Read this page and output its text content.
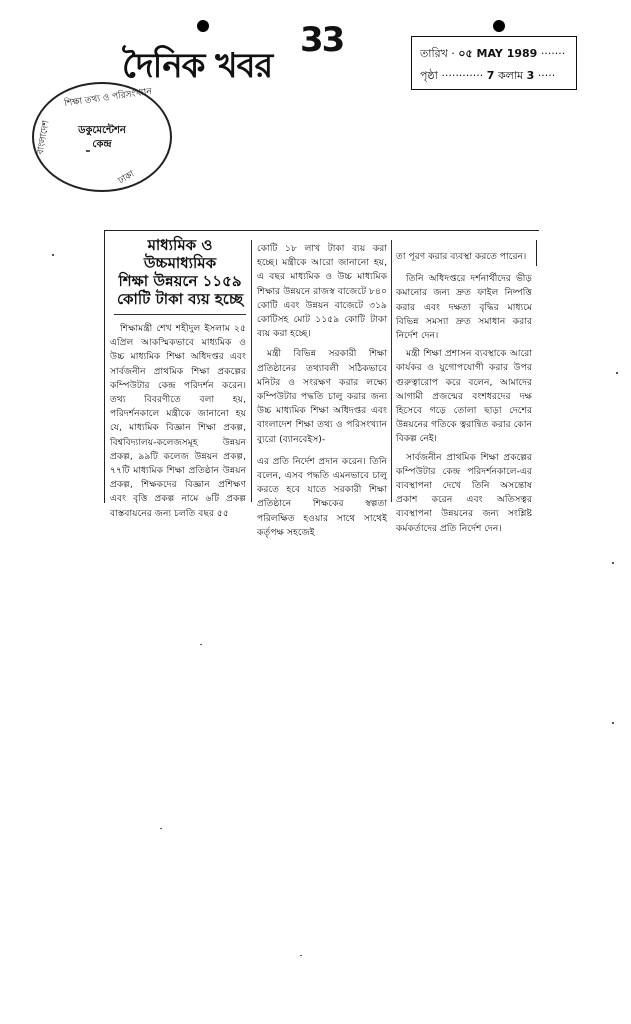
33
দৈনিক খবর	তারিখ · ০৫ MAY 1989 ·······
পৃষ্ঠা ············ 7 কলাম 3 ·····
শিক্ষা তথ্য ও পরিসংখ্যান
বাংলাদেশ
ঢাকা
ডকুমেন্টেশন
কেন্দ্র
মাধ্যমিক ও
উচ্চমাধ্যমিক
শিক্ষা উন্নয়নে ১১৫৯
কোটি টাকা ব্যয় হচ্ছে

শিক্ষামন্ত্রী শেখ শহীদুল ইসলাম ২৫ এপ্রিল আকস্মিকভাবে মাধ্যমিক ও উচ্চ মাধ্যমিক শিক্ষা অধিদপ্তর এবং সার্বজনীন প্রাথমিক শিক্ষা প্রকল্পের কম্পিউটার কেন্দ্র পরিদর্শন করেন। তথ্য বিবরণীতে বলা হয়, পরিদর্শনকালে মন্ত্রীকে জানানো হয় যে, মাধ্যমিক বিজ্ঞান শিক্ষা প্রকল্প, বিশ্ববিদ্যালয়-কলেজসমূহ উন্নয়ন প্রকল্প, ৯৯টি কলেজ উন্নয়ন প্রকল্প, ৭৭টি মাধ্যমিক শিক্ষা প্রতিষ্ঠান উন্নয়ন প্রকল্প, শিক্ষকদের বিজ্ঞান প্রশিক্ষণ এবং বৃত্তি প্রকল্প নামে ৬টি প্রকল্প বাস্তবায়নের জন্য চলতি বছর ৫৫

কোটি ১৮ লাখ টাকা ব্যয় করা হচ্ছে। মন্ত্রীকে আরো জানানো হয়, এ বছর মাধ্যমিক ও উচ্চ মাধ্যমিক শিক্ষার উন্নয়নে রাজস্ব বাজেটে ৮৪০ কোটি এবং উন্নয়ন বাজেটে ৩১৯ কোটিসহ মোট ১১৫৯ কোটি টাকা ব্যয় করা হচ্ছে।

মন্ত্রী বিভিন্ন সরকারী শিক্ষা প্রতিষ্ঠানের তথ্যাবলী সঠিকভাবে মনিটর ও সংরক্ষণ করার লক্ষ্যে কম্পিউটার পদ্ধতি চালু করার জন্য উচ্চ মাধ্যমিক শিক্ষা অধিদপ্তর এবং বাংলাদেশ শিক্ষা তথ্য ও পরিসংখ্যান ব্যুরো (ব্যানবেইস)-

এর প্রতি নির্দেশ প্রদান করেন। তিনি বলেন, এসব পদ্ধতি এমনভাবে চালু করতে হবে যাতে সরকারী শিক্ষা প্রতিষ্ঠানে শিক্ষকের স্বল্পতা পরিলক্ষিত হওয়ার সাথে সাথেই কর্তৃপক্ষ সহজেই

তা পূরণ করার ব্যবস্থা করতে পারেন।

তিনি অধিদপ্তরে দর্শনার্থীদের ভীড় কমানোর জন্য দ্রুত ফাইল নিষ্পত্তি করার এবং দক্ষতা বৃদ্ধির মাধ্যমে বিভিন্ন সমস্যা দ্রুত সমাধান করার নির্দেশ দেন।

মন্ত্রী শিক্ষা প্রশাসন ব্যবস্থাকে আরো কার্যকর ও যুগোপযোগী করার উপর গুরুত্বারোপ করে বলেন, আমাদের আগামী প্রজন্মের বংশধরদের দক্ষ হিসেবে গড়ে তোলা ছাড়া দেশের উন্নয়নের গতিকে ত্বরান্বিত করার কোন বিকল্প নেই।

সার্বজনীন প্রাথমিক শিক্ষা প্রকল্পের কম্পিউটার কেন্দ্র পরিদর্শনকালে-এর ব্যবস্থাপনা দেখে তিনি অসন্তোষ প্রকাশ করেন এবং অতিসত্বর ব্যবস্থাপনা উন্নয়নের জন্য সংশ্লিষ্ট কর্মকর্তাদের প্রতি নির্দেশ দেন।
